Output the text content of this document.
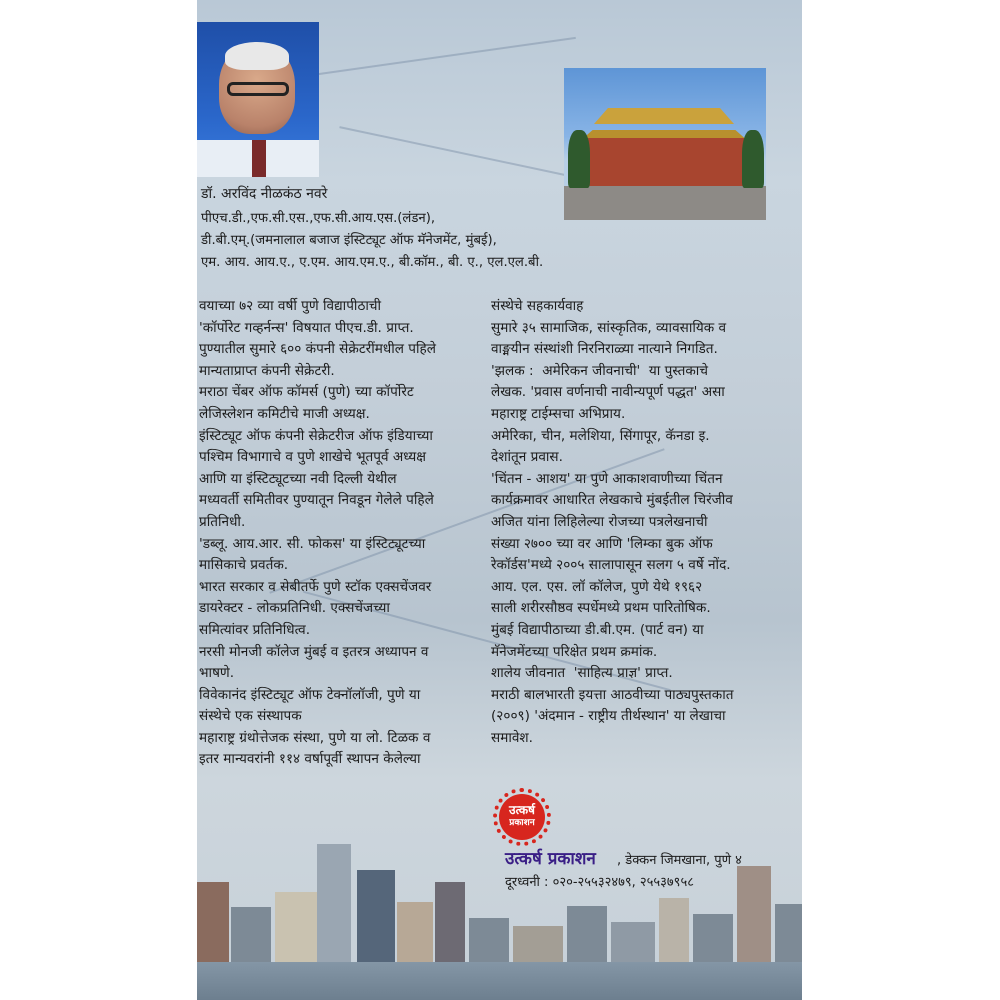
डॉ. अरविंद नीळकंठ नवरे
पीएच.डी.,एफ.सी.एस.,एफ.सी.आय.एस.(लंडन),
डी.बी.एम्.(जमनालाल बजाज इंस्टिट्यूट ऑफ मॅनेजमेंट, मुंबई),
एम. आय. आय.ए., ए.एम. आय.एम.ए., बी.कॉम., बी. ए., एल.एल.बी.
वयाच्या ७२ व्या वर्षी पुणे विद्यापीठाची
'कॉर्पोरेट गव्हर्नन्स' विषयात पीएच.डी. प्राप्त.
पुण्यातील सुमारे ६०० कंपनी सेक्रेटरींमधील पहिले
मान्यताप्राप्त कंपनी सेक्रेटरी.
मराठा चेंबर ऑफ कॉमर्स (पुणे) च्या कॉर्पोरेट
लेजिस्लेशन कमिटीचे माजी अध्यक्ष.
इंस्टिट्यूट ऑफ कंपनी सेक्रेटरीज ऑफ इंडियाच्या
पश्चिम विभागाचे व पुणे शाखेचे भूतपूर्व अध्यक्ष
आणि या इंस्टिट्यूटच्या नवी दिल्ली येथील
मध्यवर्ती समितीवर पुण्यातून निवडून गेलेले पहिले
प्रतिनिधी.
'डब्लू. आय.आर. सी. फोकस' या इंस्टिट्यूटच्या
मासिकाचे प्रवर्तक.
भारत सरकार व सेबीतर्फे पुणे स्टॉक एक्सचेंजवर
डायरेक्टर - लोकप्रतिनिधी. एक्सचेंजच्या
समित्यांवर प्रतिनिधित्व.
नरसी मोनजी कॉलेज मुंबई व इतरत्र अध्यापन व
भाषणे.
विवेकानंद इंस्टिट्यूट ऑफ टेक्नॉलॉजी, पुणे या
संस्थेचे एक संस्थापक
महाराष्ट्र ग्रंथोत्तेजक संस्था, पुणे या लो. टिळक व
इतर मान्यवरांनी ११४ वर्षापूर्वी स्थापन केलेल्या
संस्थेचे सहकार्यवाह
सुमारे ३५ सामाजिक, सांस्कृतिक, व्यावसायिक व
वाङ्मयीन संस्थांशी निरनिराळ्या नात्याने निगडित.
'झलक :  अमेरिकन जीवनाची'  या पुस्तकाचे
लेखक. 'प्रवास वर्णनाची नावीन्यपूर्ण पद्धत' असा
महाराष्ट्र टाईम्सचा अभिप्राय.
अमेरिका, चीन, मलेशिया, सिंगापूर, कॅनडा इ.
देशांतून प्रवास.
'चिंतन - आशय' या पुणे आकाशवाणीच्या चिंतन
कार्यक्रमावर आधारित लेखकाचे मुंबईतील चिरंजीव
अजित यांना लिहिलेल्या रोजच्या पत्रलेखनाची
संख्या २७०० च्या वर आणि 'लिम्का बुक ऑफ
रेकॉर्डस'मध्ये २००५ सालापासून सलग ५ वर्षे नोंद.
आय. एल. एस. लॉ कॉलेज, पुणे येथे १९६२
साली शरीरसौष्ठव स्पर्धेमध्ये प्रथम पारितोषिक.
मुंबई विद्यापीठाच्या डी.बी.एम. (पार्ट वन) या
मॅनेजमेंटच्या परिक्षेत प्रथम क्रमांक.
शालेय जीवनात  'साहित्य प्राज्ञ' प्राप्त.
मराठी बालभारती इयत्ता आठवीच्या पाठ्यपुस्तकात
(२००९) 'अंदमान - राष्ट्रीय तीर्थस्थान' या लेखाचा
समावेश.
उत्कर्ष
प्रकाशन
उत्कर्ष प्रकाशन , डेक्कन जिमखाना, पुणे ४
दूरध्वनी : ०२०-२५५३२४७९, २५५३७९५८
